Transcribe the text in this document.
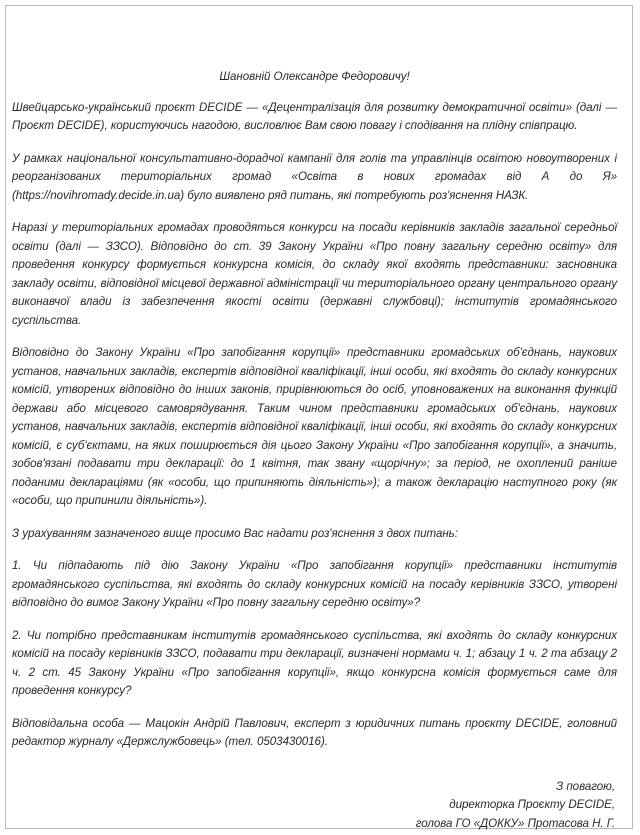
Шановній Олександре Федоровичу!

Швейцарсько-український проєкт DECIDE — «Децентралізація для розвитку демократичної освіти» (далі — Проєкт DECIDE), користуючись нагодою, висловлює Вам свою повагу і сподівання на плідну співпрацю.

У рамках національної консультативно-дорадчої кампанії для голів та управлінців освітою новоутворених і реорганізованих територіальних громад «Освіта в нових громадах від А до Я» (https://novihromady.decide.in.ua) було виявлено ряд питань, які потребують роз'яснення НАЗК.

Наразі у територіальних громадах проводяться конкурси на посади керівників закладів загальної середньої освіти (далі — ЗЗСО). Відповідно до ст. 39 Закону України «Про повну загальну середню освіту» для проведення конкурсу формується конкурсна комісія, до складу якої входять представники: засновника закладу освіти, відповідної місцевої державної адміністрації чи територіального органу центрального органу виконавчої влади із забезпечення якості освіти (державні службовці); інститутів громадянського суспільства.

Відповідно до Закону України «Про запобігання корупції» представники громадських об'єднань, наукових установ, навчальних закладів, експертів відповідної кваліфікації, інші особи, які входять до складу конкурсних комісій, утворених відповідно до інших законів, прирівнюються до осіб, уповноважених на виконання функцій держави або місцевого самоврядування. Таким чином представники громадських об'єднань, наукових установ, навчальних закладів, експертів відповідної кваліфікації, інші особи, які входять до складу конкурсних комісій, є суб'єктами, на яких поширюється дія цього Закону України «Про запобігання корупції», а значить, зобов'язані подавати три декларації: до 1 квітня, так звану «щорічну»; за період, не охоплений раніше поданими деклараціями (як «особи, що припиняють діяльність»); а також декларацію наступного року (як «особи, що припинили діяльність»).

З урахуванням зазначеного вище просимо Вас надати роз'яснення з двох питань:

1. Чи підпадають під дію Закону України «Про запобігання корупції» представники інститутів громадянського суспільства, які входять до складу конкурсних комісій на посаду керівників ЗЗСО, утворені відповідно до вимог Закону України «Про повну загальну середню освіту»?

2. Чи потрібно представникам інститутів громадянського суспільства, які входять до складу конкурсних комісій на посаду керівників ЗЗСО, подавати три декларації, визначені нормами ч. 1; абзацу 1 ч. 2 та абзацу 2 ч. 2 ст. 45 Закону України «Про запобігання корупції», якщо конкурсна комісія формується саме для проведення конкурсу?

Відповідальна особа — Мацокін Андрій Павлович, експерт з юридичних питань проєкту DECIDE, головний редактор журналу «Держслужбовець» (тел. 0503430016).

З повагою,
директорка Проєкту DECIDE,
голова ГО «ДОККУ» Протасова Н. Г.
